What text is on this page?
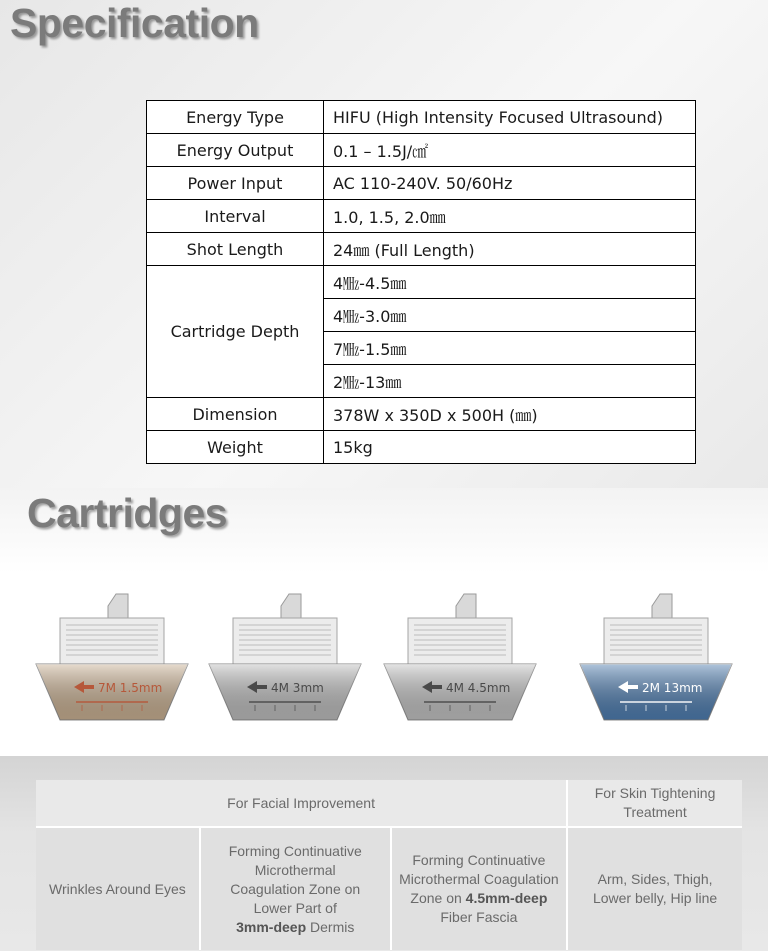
Specification
Energy Type	HIFU (High Intensity Focused Ultrasound)
Energy Output	0.1 – 1.5J/㎠
Power Input	AC 110-240V. 50/60Hz
Interval	1.0, 1.5, 2.0㎜
Shot Length	24㎜ (Full Length)
Cartridge Depth	4㎒-4.5㎜
	4㎒-3.0㎜
	7㎒-1.5㎜
	2㎒-13㎜
Dimension	378W x 350D x 500H (㎜)
Weight	15kg
Cartridges
7M 1.5mm	4M 3mm	4M 4.5mm	2M 13mm
For Facial Improvement			For Skin Tightening
Treatment
Wrinkles Around Eyes	Forming Continuative
Microthermal
Coagulation Zone on
Lower Part of
3mm-deep Dermis	Forming Continuative
Microthermal Coagulation
Zone on 4.5mm-deep
Fiber Fascia	Arm, Sides, Thigh,
Lower belly, Hip line
